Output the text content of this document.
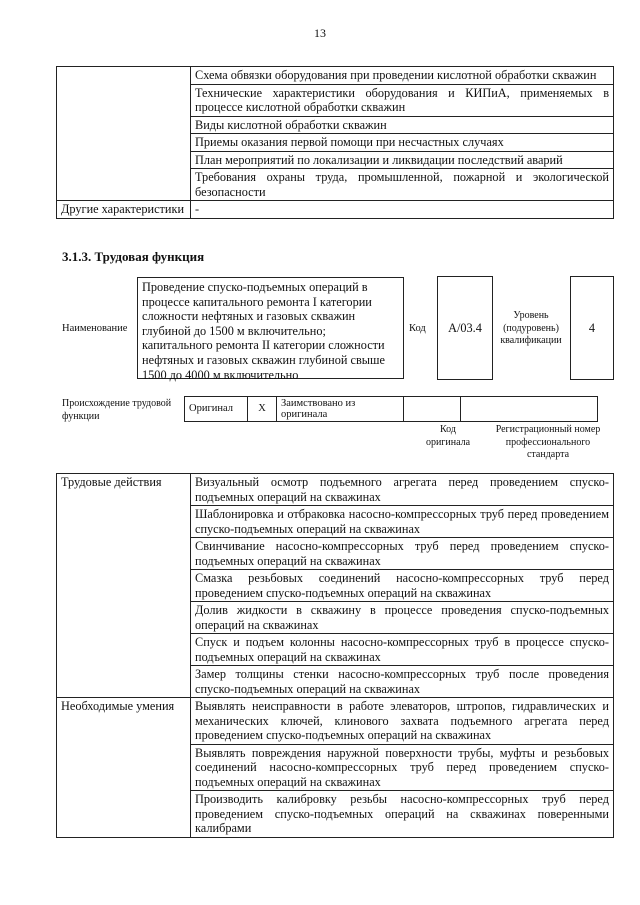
13
	Схема обвязки оборудования при проведении кислотной обработки скважин
	Технические характеристики оборудования и КИПиА, применяемых в процессе кислотной обработки скважин
	Виды кислотной обработки скважин
	Приемы оказания первой помощи при несчастных случаях
	План мероприятий по локализации и ликвидации последствий аварий
	Требования охраны труда, промышленной, пожарной и экологической безопасности
Другие характеристики	-
3.1.3. Трудовая функция
Наименование
Проведение спуско-подъемных операций в процессе капитального ремонта I категории сложности нефтяных и газовых скважин глубиной до 1500 м включительно; капитального ремонта II категории сложности нефтяных и газовых скважин глубиной свыше 1500 до 4000 м включительно
Код	А/03.4
Уровень (подуровень) квалификации
4
Происхождение трудовой функции
Оригинал	X	Заимствовано из оригинала		
Код оригинала
Регистрационный номер профессионального стандарта
Трудовые действия	Визуальный осмотр подъемного агрегата перед проведением спуско-подъемных операций на скважинах
	Шаблонировка и отбраковка насосно-компрессорных труб перед проведением спуско-подъемных операций на скважинах
	Свинчивание насосно-компрессорных труб перед проведением спуско-подъемных операций на скважинах
	Смазка резьбовых соединений насосно-компрессорных труб перед проведением спуско-подъемных операций на скважинах
	Долив жидкости в скважину в процессе проведения спуско-подъемных операций на скважинах
	Спуск и подъем колонны насосно-компрессорных труб в процессе спуско-подъемных операций на скважинах
	Замер толщины стенки насосно-компрессорных труб после проведения спуско-подъемных операций на скважинах
Необходимые умения	Выявлять неисправности в работе элеваторов, штропов, гидравлических и механических ключей, клинового захвата подъемного агрегата перед проведением спуско-подъемных операций на скважинах
	Выявлять повреждения наружной поверхности трубы, муфты и резьбовых соединений насосно-компрессорных труб перед проведением спуско-подъемных операций на скважинах
	Производить калибровку резьбы насосно-компрессорных труб перед проведением спуско-подъемных операций на скважинах поверенными калибрами
